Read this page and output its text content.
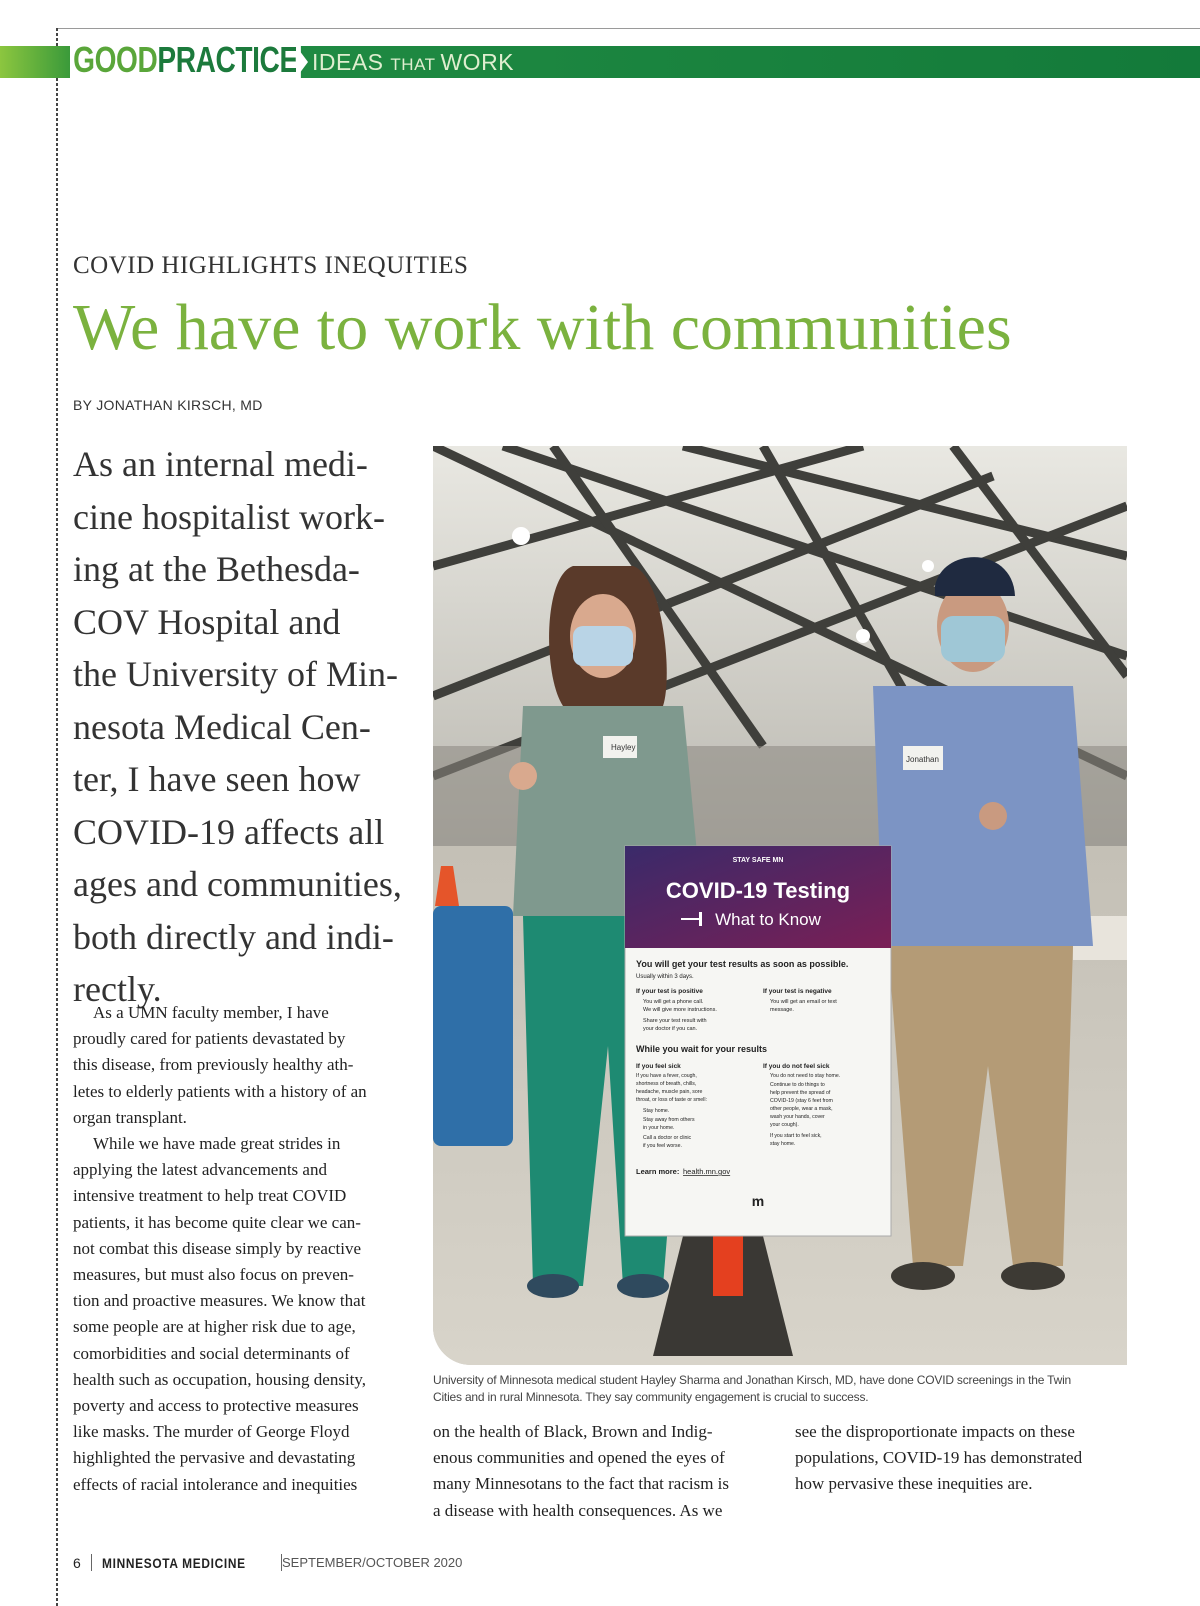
GOOD PRACTICE IDEAS THAT WORK
COVID HIGHLIGHTS INEQUITIES
We have to work with communities
BY JONATHAN KIRSCH, MD
As an internal medi-
cine hospitalist work-
ing at the Bethesda-
COV Hospital and
the University of Min-
nesota Medical Cen-
ter, I have seen how
COVID-19 affects all
ages and communities,
both directly and indi-
rectly.
As a UMN faculty member, I have
proudly cared for patients devastated by
this disease, from previously healthy ath-
letes to elderly patients with a history of an
organ transplant.
While we have made great strides in
applying the latest advancements and
intensive treatment to help treat COVID
patients, it has become quite clear we can-
not combat this disease simply by reactive
measures, but must also focus on preven-
tion and proactive measures. We know that
some people are at higher risk due to age,
comorbidities and social determinants of
health such as occupation, housing density,
poverty and access to protective measures
like masks. The murder of George Floyd
highlighted the pervasive and devastating
effects of racial intolerance and inequities
STAY SAFE MN
COVID-19 Testing
What to Know
You will get your test results as soon as possible.
Usually within 3 days.
If your test is positive
You will get a phone call.
We will give more instructions.
Share your test result with
your doctor if you can.
If your test is negative
You will get an email or text
message.
While you wait for your results
If you feel sick
If you have a fever, cough,
shortness of breath, chills,
headache, muscle pain, sore
throat, or loss of taste or smell:
Stay home.
Stay away from others
in your home.
Call a doctor or clinic
if you feel worse.
If you do not feel sick
You do not need to stay home.
Continue to do things to
help prevent the spread of
COVID-19 (stay 6 feet from
other people, wear a mask,
wash your hands, cover
your cough).
If you start to feel sick,
stay home.
Learn more: health.mn.gov
m
Hayley
Jonathan
University of Minnesota medical student Hayley Sharma and Jonathan Kirsch, MD, have done COVID screenings in the Twin
Cities and in rural Minnesota. They say community engagement is crucial to success.
on the health of Black, Brown and Indig-
enous communities and opened the eyes of
many Minnesotans to the fact that racism is
a disease with health consequences. As we
see the disproportionate impacts on these
populations, COVID-19 has demonstrated
how pervasive these inequities are.
6 MINNESOTA MEDICINE	SEPTEMBER/OCTOBER 2020
